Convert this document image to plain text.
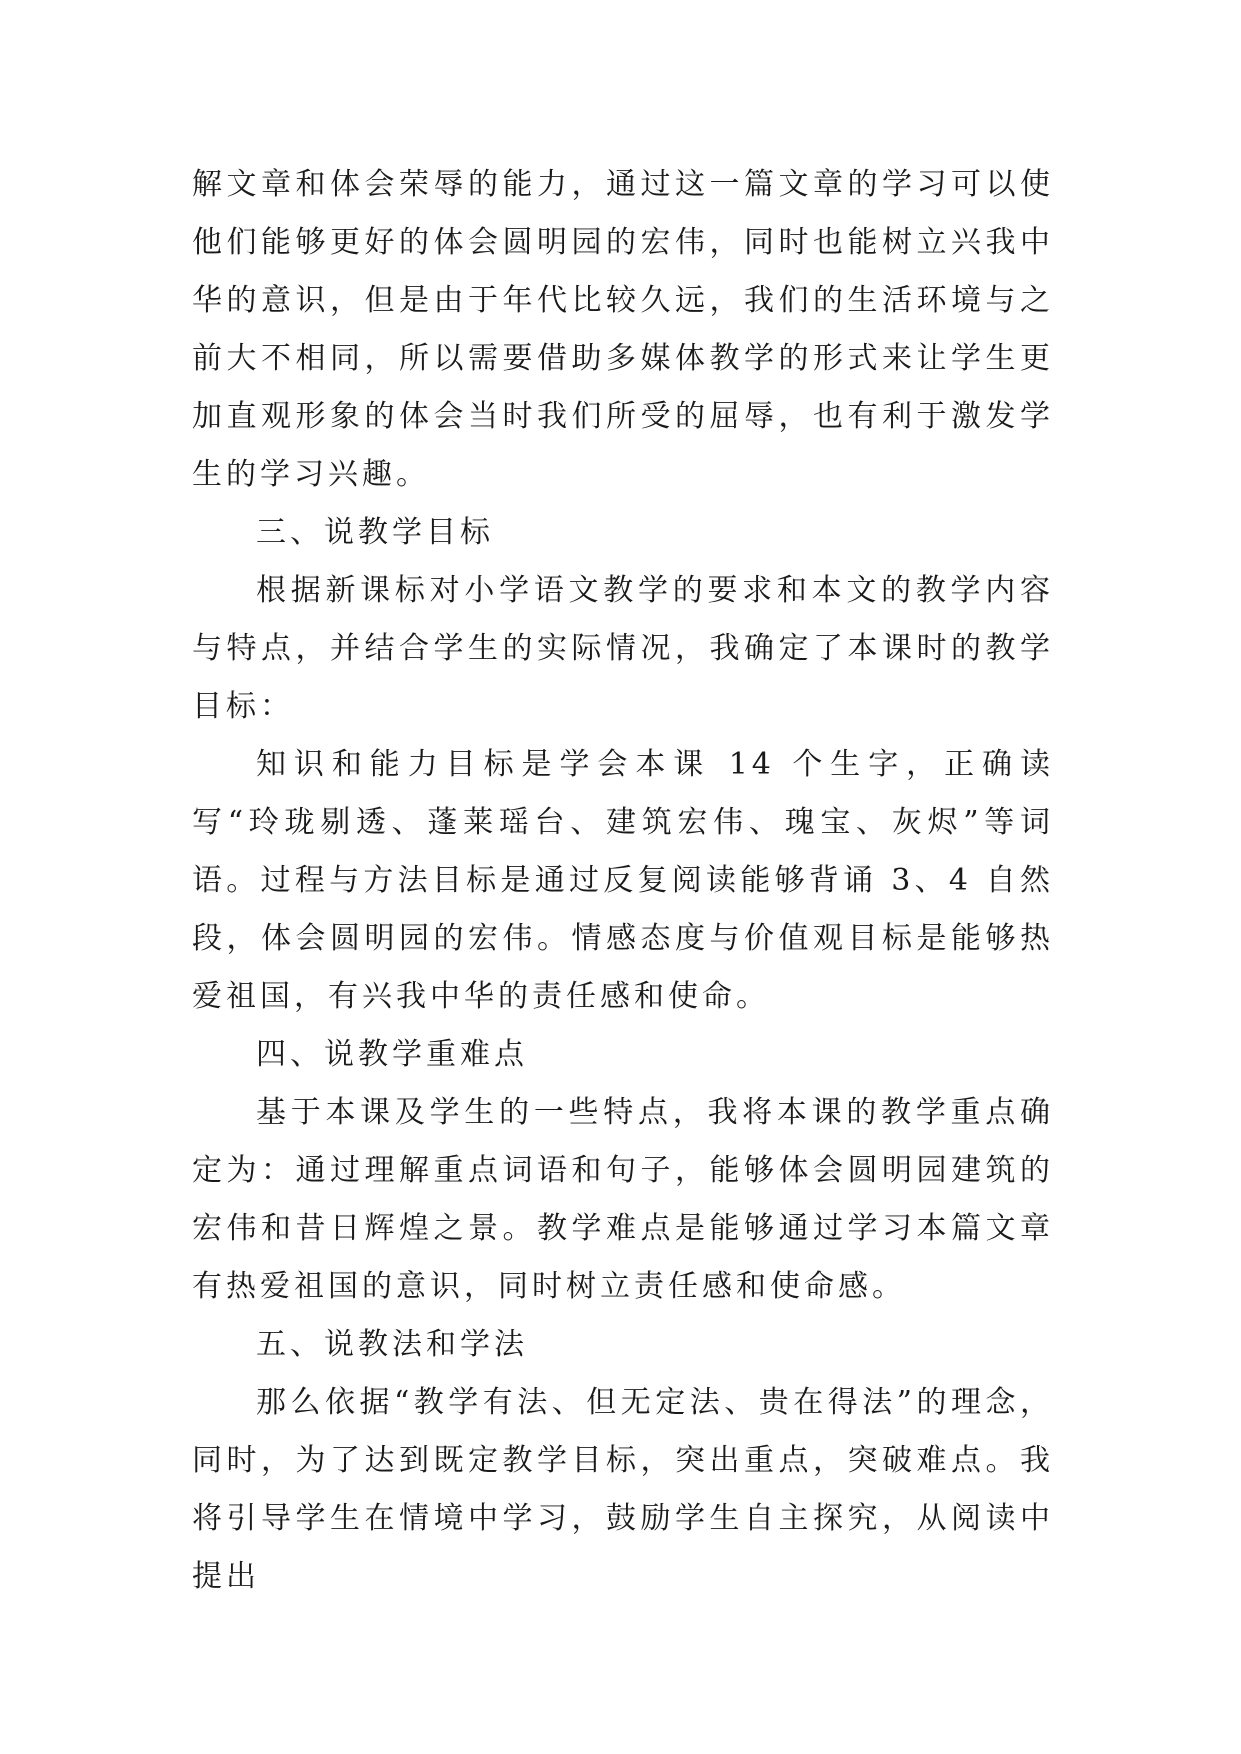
解文章和体会荣辱的能力，通过这一篇文章的学习可以使他们能够更好的体会圆明园的宏伟，同时也能树立兴我中华的意识，但是由于年代比较久远，我们的生活环境与之前大不相同，所以需要借助多媒体教学的形式来让学生更加直观形象的体会当时我们所受的屈辱，也有利于激发学生的学习兴趣。

三、说教学目标

根据新课标对小学语文教学的要求和本文的教学内容与特点，并结合学生的实际情况，我确定了本课时的教学目标：

知识和能力目标是学会本课 14 个生字，正确读写“玲珑剔透、蓬莱瑶台、建筑宏伟、瑰宝、灰烬”等词语。过程与方法目标是通过反复阅读能够背诵 3、4 自然段，体会圆明园的宏伟。情感态度与价值观目标是能够热爱祖国，有兴我中华的责任感和使命。

四、说教学重难点

基于本课及学生的一些特点，我将本课的教学重点确定为：通过理解重点词语和句子，能够体会圆明园建筑的宏伟和昔日辉煌之景。教学难点是能够通过学习本篇文章有热爱祖国的意识，同时树立责任感和使命感。

五、说教法和学法

那么依据“教学有法、但无定法、贵在得法”的理念，同时，为了达到既定教学目标，突出重点，突破难点。我将引导学生在情境中学习，鼓励学生自主探究，从阅读中提出
